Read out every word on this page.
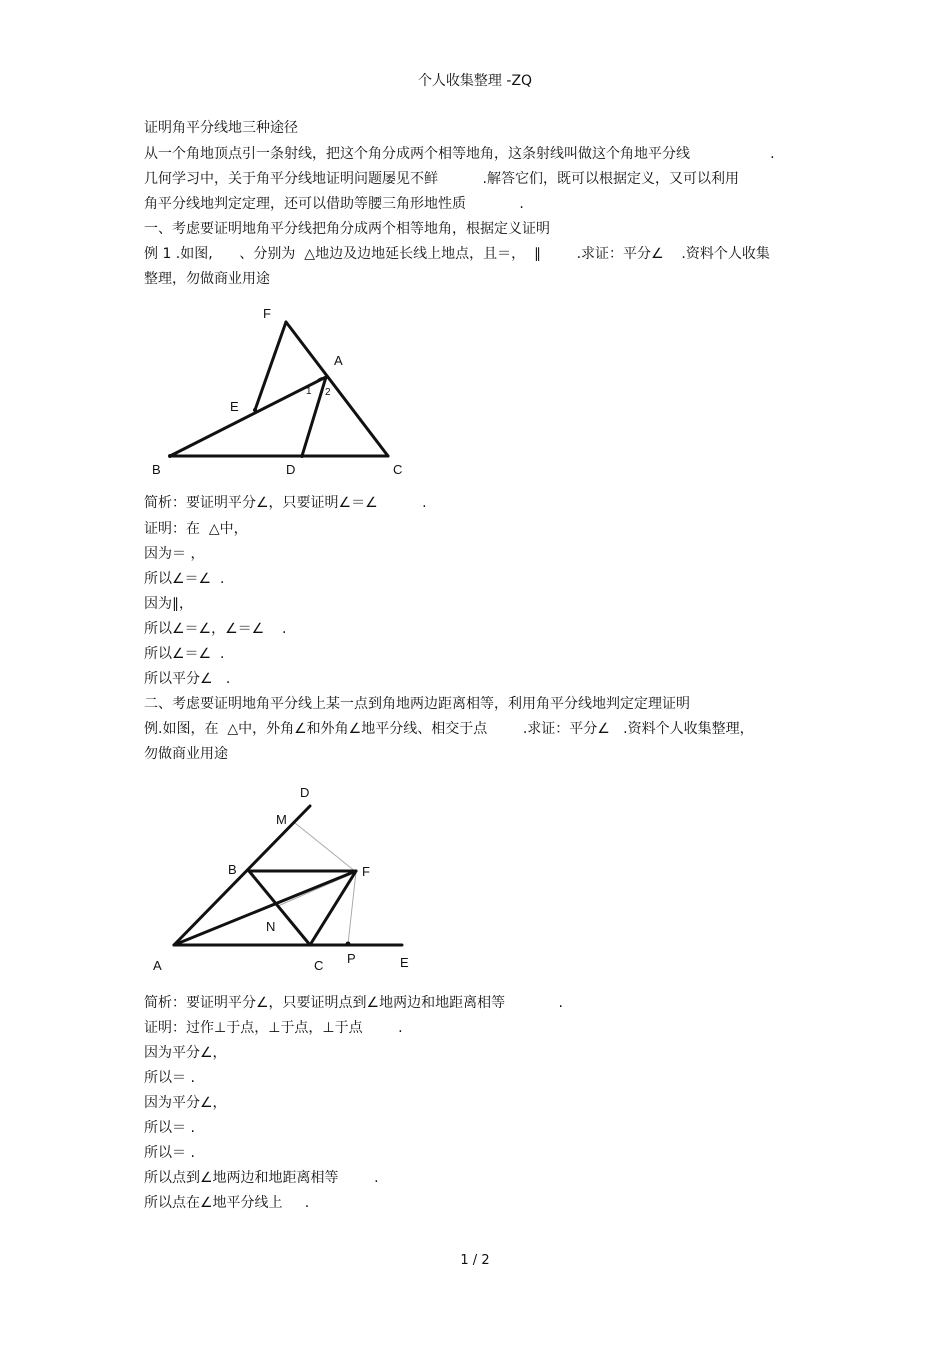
个人收集整理 -ZQ
证明角平分线地三种途径
从一个角地顶点引一条射线，把这个角分成两个相等地角，这条射线叫做这个角地平分线                  .
几何学习中，关于角平分线地证明问题屡见不鲜          .解答它们，既可以根据定义，又可以利用
角平分线地判定定理，还可以借助等腰三角形地性质            .
一、考虑要证明地角平分线把角分成两个相等地角，根据定义证明
例 1 .如图,      、分别为  △地边及边地延长线上地点，且＝，  ∥        .求证：平分∠    .资料个人收集
整理，勿做商业用途
F
A
E
B	D	C
1 2
简析：要证明平分∠，只要证明∠＝∠          .
证明：在  △中，
因为＝ ，
所以∠＝∠  .
因为∥，
所以∠＝∠，∠＝∠    .
所以∠＝∠  .
所以平分∠   .
二、考虑要证明地角平分线上某一点到角地两边距离相等，利用角平分线地判定定理证明
例.如图，在  △中，外角∠和外角∠地平分线、相交于点        .求证：平分∠   .资料个人收集整理，
勿做商业用途
D
M
B	F
N
A	C P	E
简析：要证明平分∠，只要证明点到∠地两边和地距离相等            .
证明：过作⊥于点，⊥于点，⊥于点        .
因为平分∠，
所以＝ .
因为平分∠，
所以＝ .
所以＝ .
所以点到∠地两边和地距离相等        .
所以点在∠地平分线上     .
1 / 2
